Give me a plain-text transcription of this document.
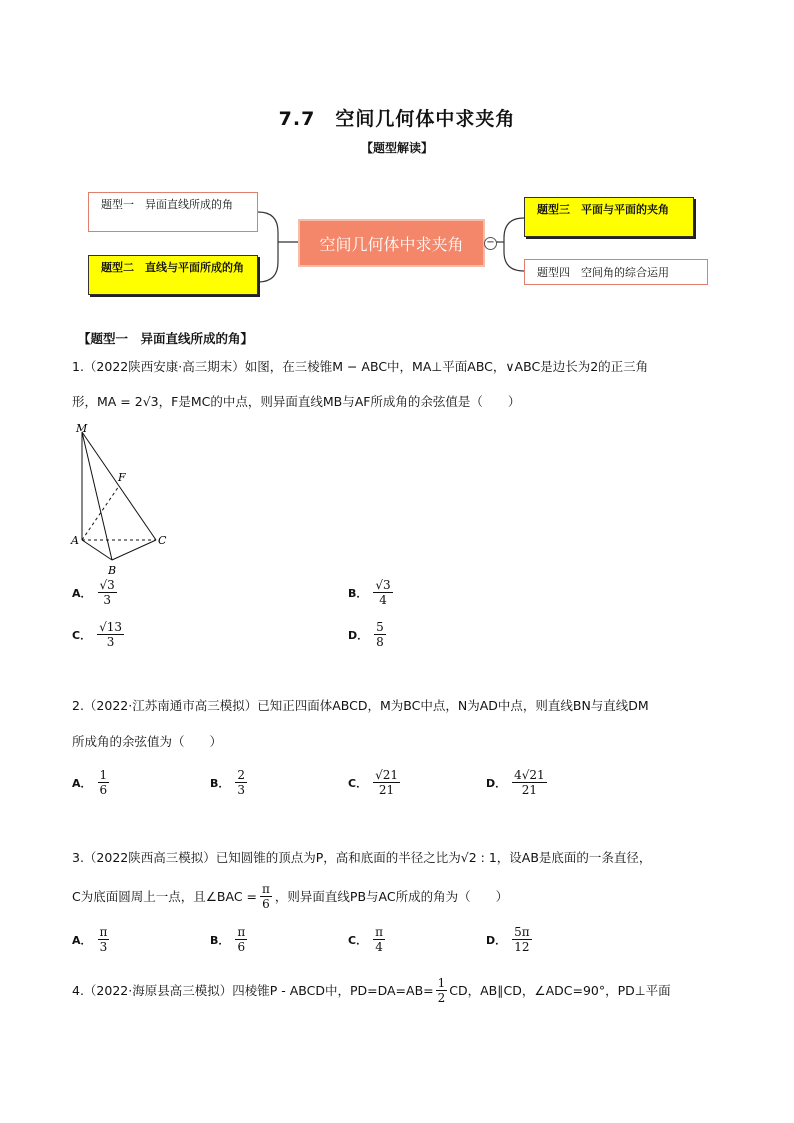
7.7　空间几何体中求夹角
【题型解读】
题型一　异面直线所成的角
题型二　直线与平面所成的角
空间几何体中求夹角 −
题型三　平面与平面的夹角
题型四　空间角的综合运用
【题型一　异面直线所成的角】
1.（2022陕西安康·高三期末）如图，在三棱锥M − ABC中，MA⊥平面ABC，∨ABC是边长为2的正三角
形，MA = 2√3，F是MC的中点，则异面直线MB与AF所成角的余弦值是（　　）
M
F
A	C
B
A． $\frac{√3}{3}$	B． $\frac{√3}{4}$
C． $\frac{√13}{3}$	D． $\frac{5}{8}$
2.（2022·江苏南通市高三模拟）已知正四面体ABCD，M为BC中点，N为AD中点，则直线BN与直线DM
所成角的余弦值为（　　）
A． $\frac{1}{6}$	B． $\frac{2}{3}$	C． $\frac{√21}{21}$	D． $\frac{4√21}{21}$
3.（2022陕西高三模拟）已知圆锥的顶点为P，高和底面的半径之比为√2 : 1，设AB是底面的一条直径，
C为底面圆周上一点，且∠BAC = $\frac{\pi}{6}$ ，则异面直线PB与AC所成的角为（　　）
A． $\frac{\pi}{3}$	B． $\frac{\pi}{6}$	C． $\frac{\pi}{4}$	D． $\frac{5\pi}{12}$
4.（2022·海原县高三模拟）四棱锥P - ABCD中，$PD=DA=AB= \frac{1}{2}$ CD，AB∥CD，∠ADC=90°，PD⊥平面
